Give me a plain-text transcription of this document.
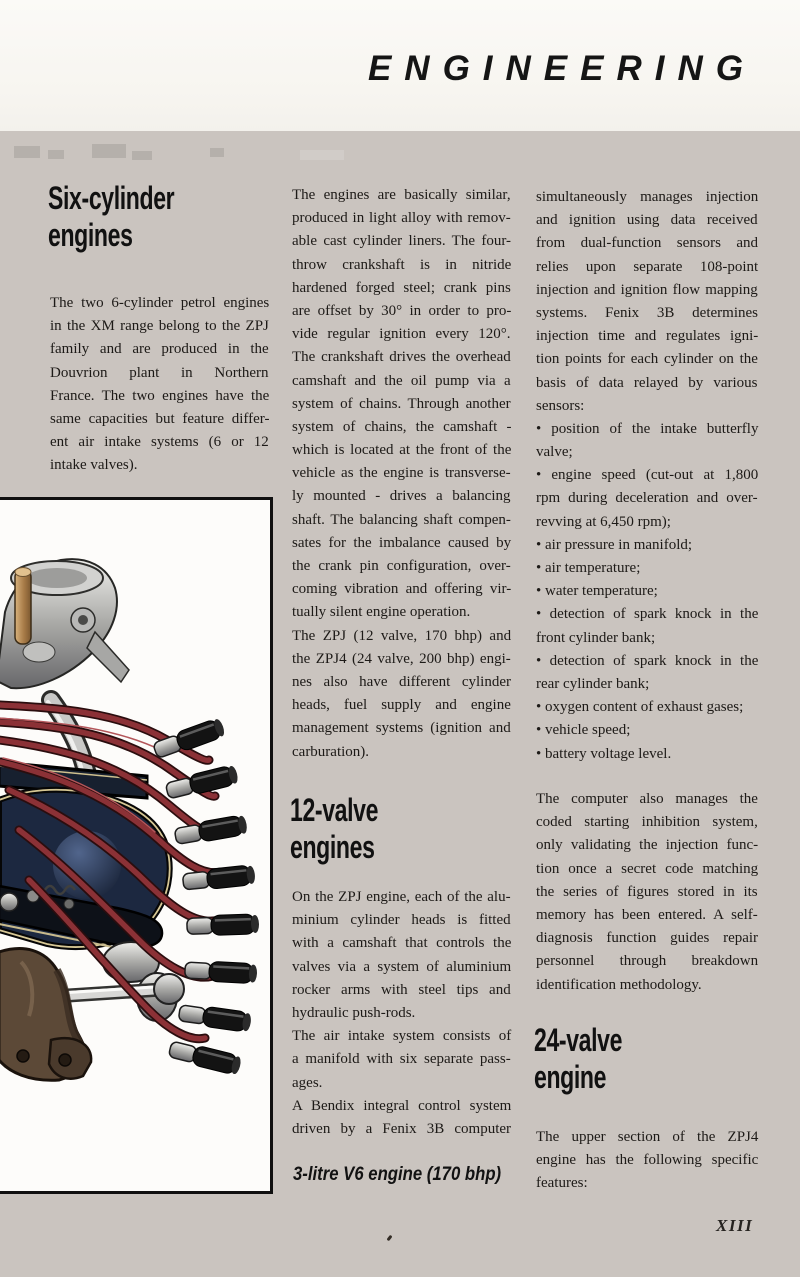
ENGINEERING
Six-cylinder
engines
The two 6-cylinder petrol engines
in the XM range belong to the ZPJ
family and are produced in the
Douvrion plant in Northern
France. The two engines have the
same capacities but feature differ-
ent air intake systems (6 or 12
intake valves).
The engines are basically similar,
produced in light alloy with remov-
able cast cylinder liners. The four-
throw crankshaft is in nitride
hardened forged steel; crank pins
are offset by 30° in order to pro-
vide regular ignition every 120°.
The crankshaft drives the overhead
camshaft and the oil pump via a
system of chains. Through another
system of chains, the camshaft -
which is located at the front of the
vehicle as the engine is transverse-
ly mounted - drives a balancing
shaft. The balancing shaft compen-
sates for the imbalance caused by
the crank pin configuration, over-
coming vibration and offering vir-
tually silent engine operation.
The ZPJ (12 valve, 170 bhp) and
the ZPJ4 (24 valve, 200 bhp) engi-
nes also have different cylinder
heads, fuel supply and engine
management systems (ignition and
carburation).
12-valve
engines
On the ZPJ engine, each of the alu-
minium cylinder heads is fitted
with a camshaft that controls the
valves via a system of aluminium
rocker arms with steel tips and
hydraulic push-rods.
The air intake system consists of
a manifold with six separate pass-
ages.
A Bendix integral control system
driven by a Fenix 3B computer
3-litre V6 engine (170 bhp)
simultaneously manages injection
and ignition using data received
from dual-function sensors and
relies upon separate 108-point
injection and ignition flow mapping
systems. Fenix 3B determines
injection time and regulates igni-
tion points for each cylinder on the
basis of data relayed by various
sensors:
• position of the intake butterfly
valve;
• engine speed (cut-out at 1,800
rpm during deceleration and over-
revving at 6,450 rpm);
• air pressure in manifold;
• air temperature;
• water temperature;
• detection of spark knock in the
front cylinder bank;
• detection of spark knock in the
rear cylinder bank;
• oxygen content of exhaust gases;
• vehicle speed;
• battery voltage level.
The computer also manages the
coded starting inhibition system,
only validating the injection func-
tion once a secret code matching
the series of figures stored in its
memory has been entered. A self-
diagnosis function guides repair
personnel through breakdown
identification methodology.
24-valve
engine
The upper section of the ZPJ4
engine has the following specific
features:
XIII
